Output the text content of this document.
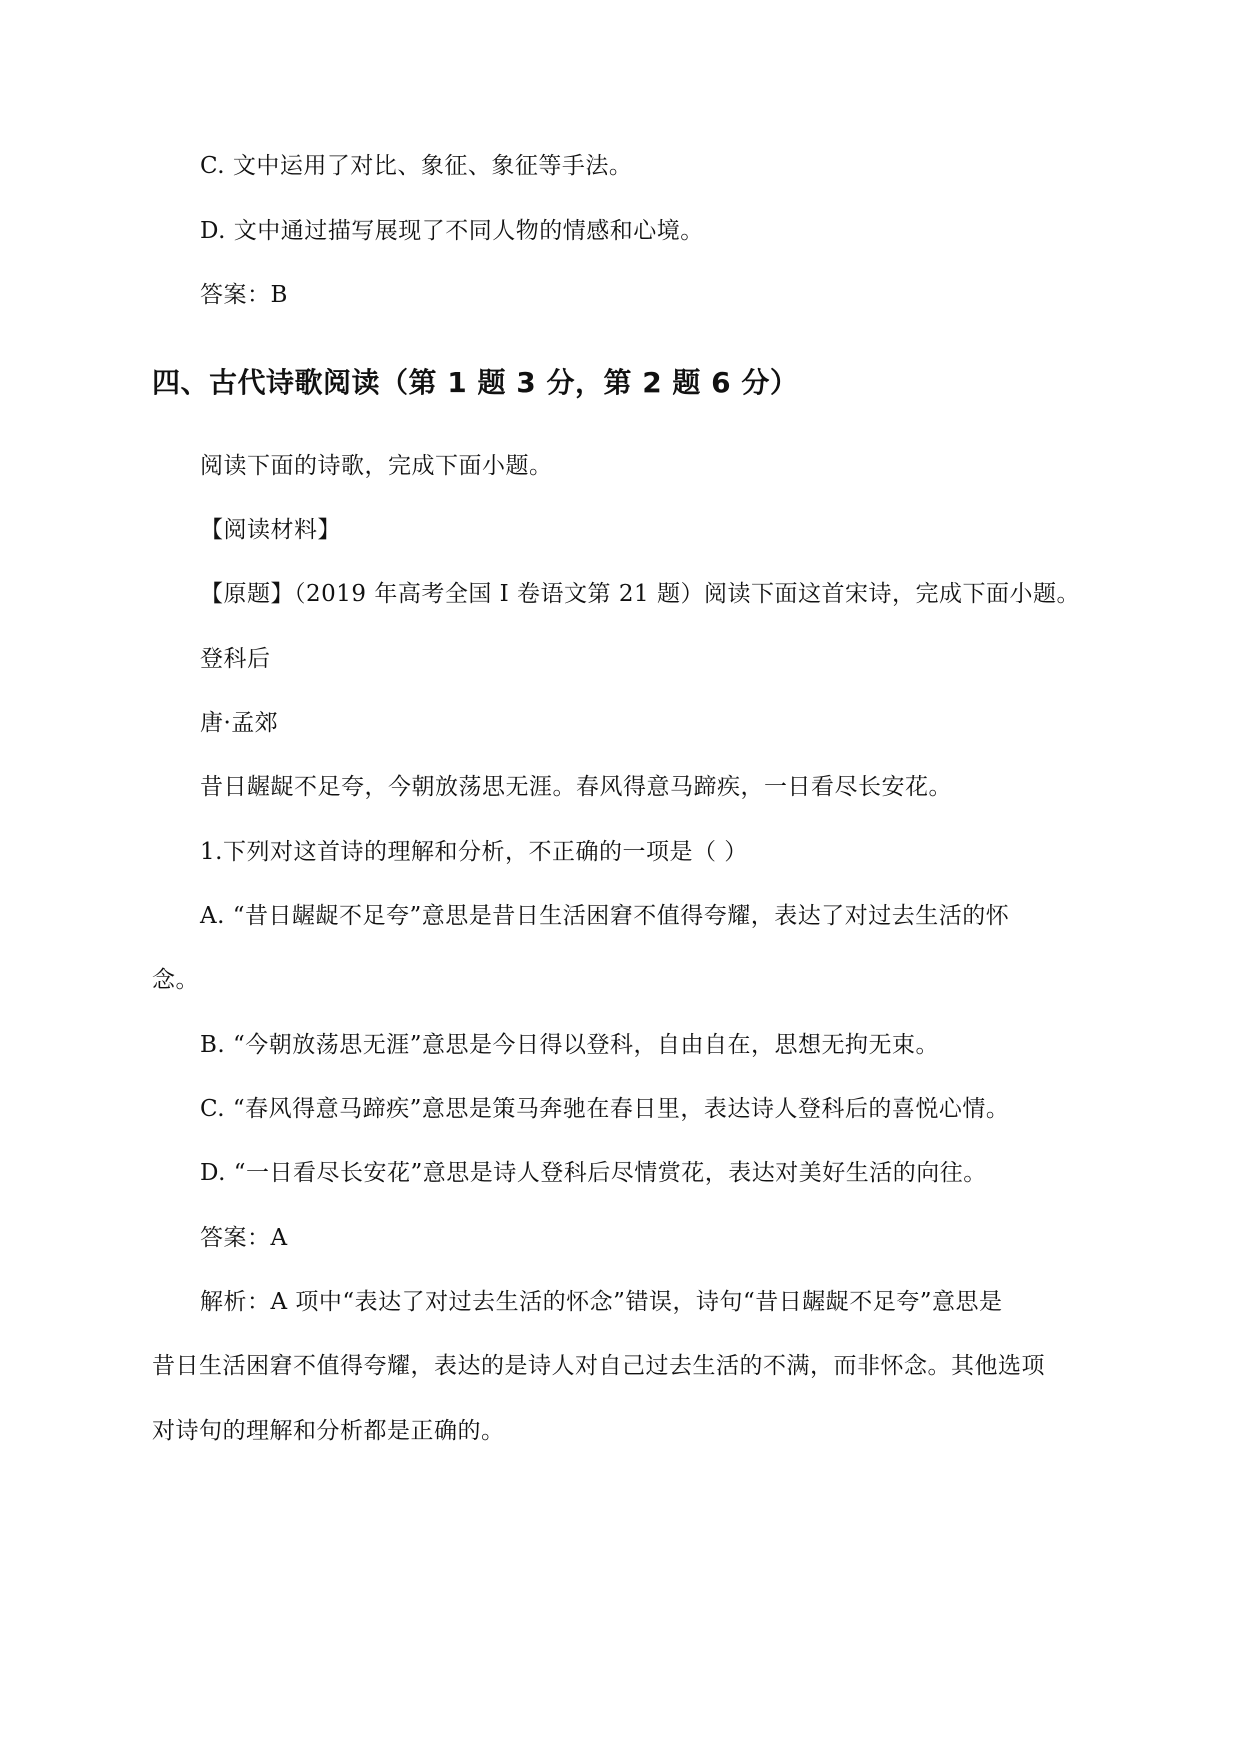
C. 文中运用了对比、象征、象征等手法。
D. 文中通过描写展现了不同人物的情感和心境。
答案：B
四、古代诗歌阅读（第 1 题 3 分，第 2 题 6 分）
阅读下面的诗歌，完成下面小题。
【阅读材料】
【原题】（2019 年高考全国 I 卷语文第 21 题）阅读下面这首宋诗，完成下面小题。
登科后
唐·孟郊
昔日龌龊不足夸，今朝放荡思无涯。春风得意马蹄疾，一日看尽长安花。
1.下列对这首诗的理解和分析，不正确的一项是（ ）
A. “昔日龌龊不足夸”意思是昔日生活困窘不值得夸耀，表达了对过去生活的怀
念。
B. “今朝放荡思无涯”意思是今日得以登科，自由自在，思想无拘无束。
C. “春风得意马蹄疾”意思是策马奔驰在春日里，表达诗人登科后的喜悦心情。
D. “一日看尽长安花”意思是诗人登科后尽情赏花，表达对美好生活的向往。
答案：A
解析：A 项中“表达了对过去生活的怀念”错误，诗句“昔日龌龊不足夸”意思是
昔日生活困窘不值得夸耀，表达的是诗人对自己过去生活的不满，而非怀念。其他选项
对诗句的理解和分析都是正确的。
